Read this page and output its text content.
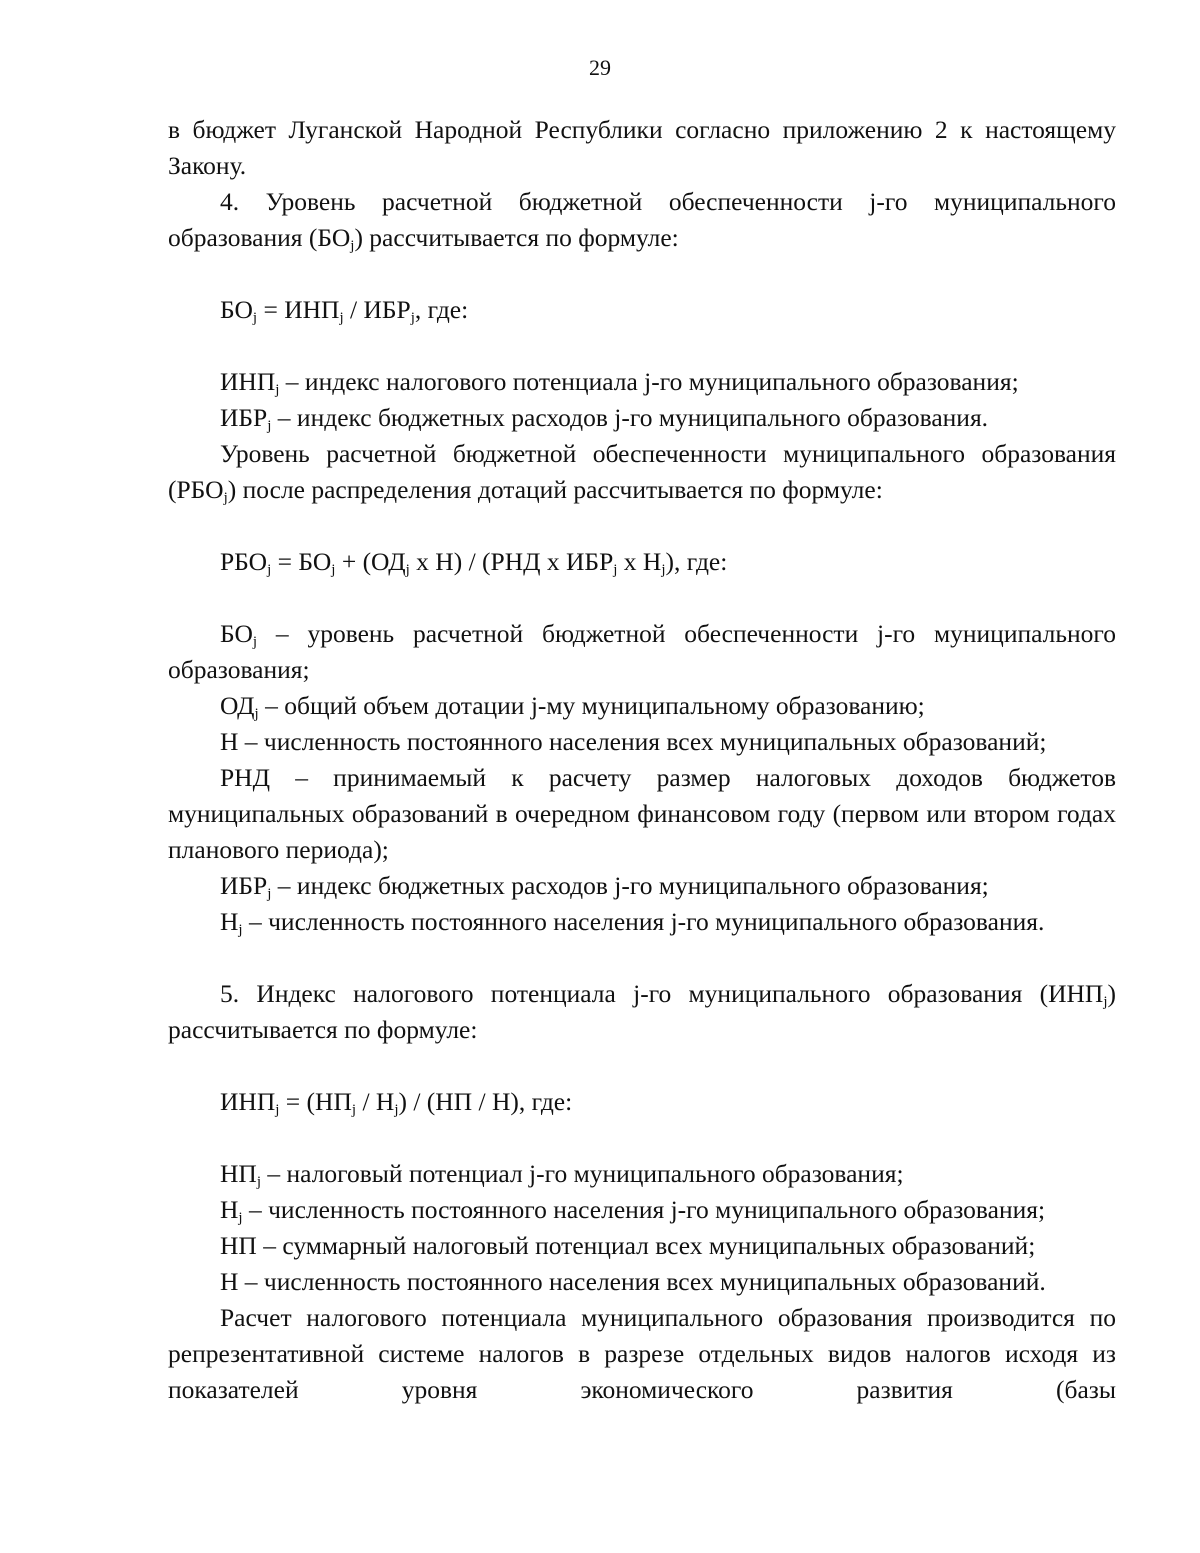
29

в бюджет Луганской Народной Республики согласно приложению 2 к настоящему Закону.

4. Уровень расчетной бюджетной обеспеченности j-го муниципального образования $(БО_j)$ рассчитывается по формуле:

$БО_j = ИНП_j / ИБР_j$, где:

$ИНП_j$ – индекс налогового потенциала j-го муниципального образования;

$ИБР_j$ – индекс бюджетных расходов j-го муниципального образования.

Уровень расчетной бюджетной обеспеченности муниципального образования $(РБО_j)$ после распределения дотаций рассчитывается по формуле:

$РБО_j = БО_j + (ОД_j$ х Н) / (РНД х $ИБР_j$ х $Н_j$), где:

$БО_j$ – уровень расчетной бюджетной обеспеченности j-го муниципального образования;

$ОД_j$ – общий объем дотации j-му муниципальному образованию;

Н – численность постоянного населения всех муниципальных образований;

РНД – принимаемый к расчету размер налоговых доходов бюджетов муниципальных образований в очередном финансовом году (первом или втором годах планового периода);

$ИБР_j$ – индекс бюджетных расходов j-го муниципального образования;

$Н_j$ – численность постоянного населения j-го муниципального образования.

5. Индекс налогового потенциала j-го муниципального образования $(ИНП_j)$ рассчитывается по формуле:

$ИНП_j = (НП_j / Н_j) / (НП / Н)$, где:

$НП_j$ – налоговый потенциал j-го муниципального образования;

$Н_j$ – численность постоянного населения j-го муниципального образования;

НП – суммарный налоговый потенциал всех муниципальных образований;

Н – численность постоянного населения всех муниципальных образований.

Расчет налогового потенциала муниципального образования производится по репрезентативной системе налогов в разрезе отдельных видов налогов исходя из показателей уровня экономического развития (базы
